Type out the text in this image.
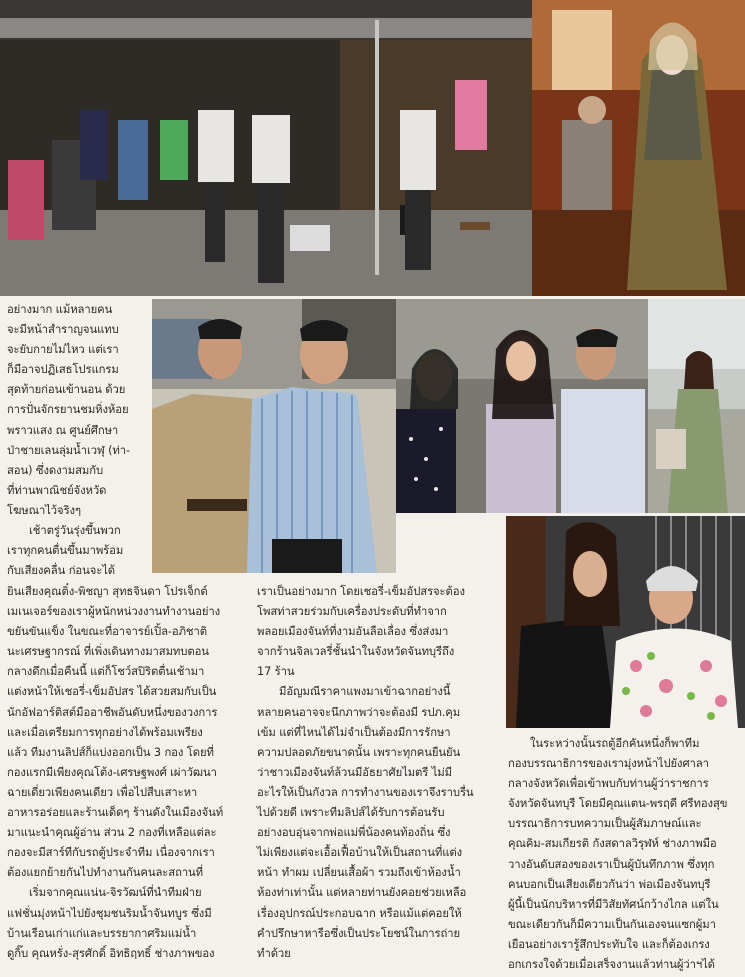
อย่างมาก แม้หลายคน

จะมีหน้าสำราญจนแทบ

จะยับกายไม่ไหว แต่เรา

ก็มีอาจปฏิเสธโปรแกรม

สุดท้ายก่อนเข้านอน ด้วย

การปั่นจักรยานชมหิ่งห้อย

พราวแสง ณ ศูนย์ศึกษา

ป่าชายเลนลุ่มน้ำเวฬุ (ท่า-

สอน) ซึ่งดงามสมกับ

ที่ท่านพาณิชย์จังหวัด

โฆษณาไว้จริงๆ

เช้าตรู่วันรุ่งขึ้นพวก

เราทุกคนตื่นขึ้นมาพร้อม

กับเสียงคลื่น ก่อนจะได้

ยินเสียงคุณติ๋ง-พิชญา สุทธจินดา โปรเจ็กต์

เมเนเจอร์ของเราผู้หนักหน่วงงานทำงานอย่าง

ขยันขันแข็ง ในขณะที่อาจารย์เปิ้ล-อภิชาติ

นะเศรษฐากรณ์ ที่เพิ่งเดินทางมาสมทบตอน

กลางดึกเมื่อคืนนี้ แต่ก็โชว์สปิริตตื่นเช้ามา

แต่งหน้าให้เชอรี่-เข็มอัปสร ได้สวยสมกับเป็น

นักอัฟอาร์ติสต์มืออาชีพอันดับหนึ่งของวงการ

และเมื่อเตรียมการทุกอย่างได้พร้อมเพรียง

แล้ว ทีมงานลิปส์ก็แบ่งออกเป็น 3 กอง โดยที่

กองแรกมีเพียงคุณโต้ง-เศรษฐพงศ์ เผ่าวัฒนา

ฉายเดี่ยวเพียงคนเดียว เพื่อไปสืบเสาะหา

อาหารอร่อยและร้านเด็ดๆ ร้านดังในเมืองจันท์

มาแนะนำคุณผู้อ่าน ส่วน 2 กองที่เหลือแต่ละ

กองจะมีสาร์ทีกับรถตู้ประจำทีม เนื่องจากเรา

ต้องแยกย้ายกันไปทำงานกันคนละสถานที่

เริ่มจากคุณแน่น-จิรวัฒน์ที่นำทีมฝ่าย

แฟชั่นมุ่งหน้าไปยังชุมชนริมน้ำจันทบูร ซึ่งมี

บ้านเรือนเก่าแก่และบรรยากาศริมแม่น้ำ

ดูกิ๊บ คุณหรั่ง-สุรศักดิ์ อิทธิฤทธิ์ ช่างภาพของ

เราเป็นอย่างมาก โดยเชอรี่-เข็มอัปสรจะต้อง

โพสท่าสวยร่วมกับเครื่องประดับที่ทำจาก

พลอยเมืองจันท์ที่งามอันลือเลื่อง ซึ่งส่งมา

จากร้านจิลเวลรี่ชั้นนำในจังหวัดจันทบุรีถึง

17 ร้าน

มีอัญมณีราคาแพงมาเข้าฉากอย่างนี้

หลายคนอาจจะนึกภาพว่าจะต้องมี รปภ.คุม

เข้ม แต่ที่ไหนได้ไม่จำเป็นต้องมีการรักษา

ความปลอดภัยขนาดนั้น เพราะทุกคนยืนยัน

ว่าชาวเมืองจันท์ล้วนมีอัธยาศัยไมตรี ไม่มี

อะไรให้เป็นกังวล การทำงานของเราจึงราบรื่น

ไปด้วยดี เพราะทีมลิปส์ได้รับการต้อนรับ

อย่างอบอุ่นจากพ่อแม่พี่น้องคนท้องถิ่น ซึ่ง

ไม่เพียงแต่จะเอื้อเฟื้อบ้านให้เป็นสถานที่แต่ง

หน้า ทำผม เปลี่ยนเสื้อผ้า รวมถึงเข้าห้องน้ำ

ห้องท่าเท่านั้น แต่หลายท่านยังคอยช่วยเหลือ

เรื่องอุปกรณ์ประกอบฉาก หรือแม้แต่คอยให้

คำปรึกษาหารือซึ่งเป็นประโยชน์ในการถ่าย

ทำด้วย

ในระหว่างนั้นรถตู้อีกคันหนึ่งก็พาทีม

กองบรรณาธิการของเรามุ่งหน้าไปยังศาลา

กลางจังหวัดเพื่อเข้าพบกับท่านผู้ว่าราชการ

จังหวัดจันทบุรี โดยมีคุณแตน-พรฤดี ศรีทองสุข

บรรณาธิการบทความเป็นผู้สัมภาษณ์และ

คุณคิม-สมเกียรติ กังสดาลวิรุฬห์ ช่างภาพมือ

วางอันดับสองของเราเป็นผู้บันทึกภาพ ซึ่งทุก

คนบอกเป็นเสียงเดียวกันว่า พ่อเมืองจันทบุรี

ผู้นี้เป็นนักบริหารที่มีวิสัยทัศน์กว้างไกล แต่ใน

ขณะเดียวกันก็มีความเป็นกันเองจนแซกผู้มา

เยือนอย่างเรารู้สึกประทับใจ และก็ต้องเกรง

อกเกรงใจด้วยเมื่อเสร็จงานแล้วท่านผู้ว่าฯได้
